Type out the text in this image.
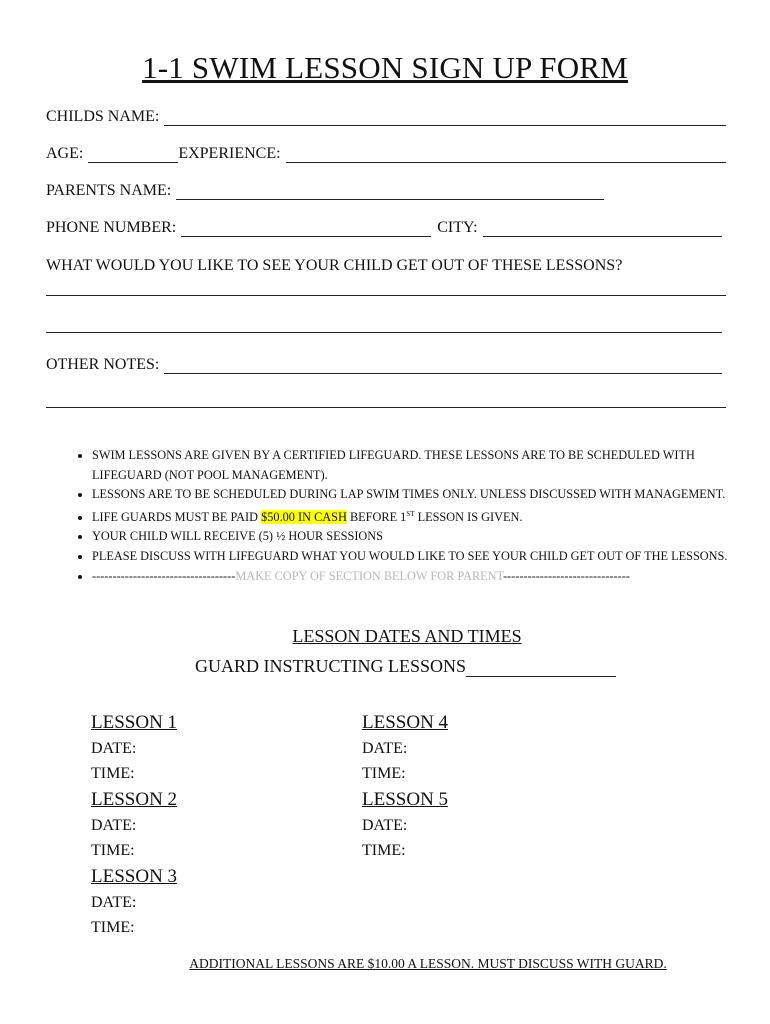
1-1 SWIM LESSON SIGN UP FORM
CHILDS NAME:
AGE:	EXPERIENCE:
PARENTS NAME:
PHONE NUMBER:	CITY:
WHAT WOULD YOU LIKE TO SEE YOUR CHILD GET OUT OF THESE LESSONS?
OTHER NOTES:
• SWIM LESSONS ARE GIVEN BY A CERTIFIED LIFEGUARD. THESE LESSONS ARE TO BE SCHEDULED WITH LIFEGUARD (NOT POOL MANAGEMENT).
• LESSONS ARE TO BE SCHEDULED DURING LAP SWIM TIMES ONLY. UNLESS DISCUSSED WITH MANAGEMENT.
• LIFE GUARDS MUST BE PAID $50.00 IN CASH BEFORE 1ST LESSON IS GIVEN.
• YOUR CHILD WILL RECEIVE (5) ½ HOUR SESSIONS
• PLEASE DISCUSS WITH LIFEGUARD WHAT YOU WOULD LIKE TO SEE YOUR CHILD GET OUT OF THE LESSONS.
• -----------------------------------MAKE COPY OF SECTION BELOW FOR PARENT-------------------------------
LESSON DATES AND TIMES
GUARD INSTRUCTING LESSONS
LESSON 1
DATE:
TIME:
LESSON 2
DATE:
TIME:
LESSON 3
DATE:
TIME:
LESSON 4
DATE:
TIME:
LESSON 5
DATE:
TIME:
ADDITIONAL LESSONS ARE $10.00 A LESSON. MUST DISCUSS WITH GUARD.
